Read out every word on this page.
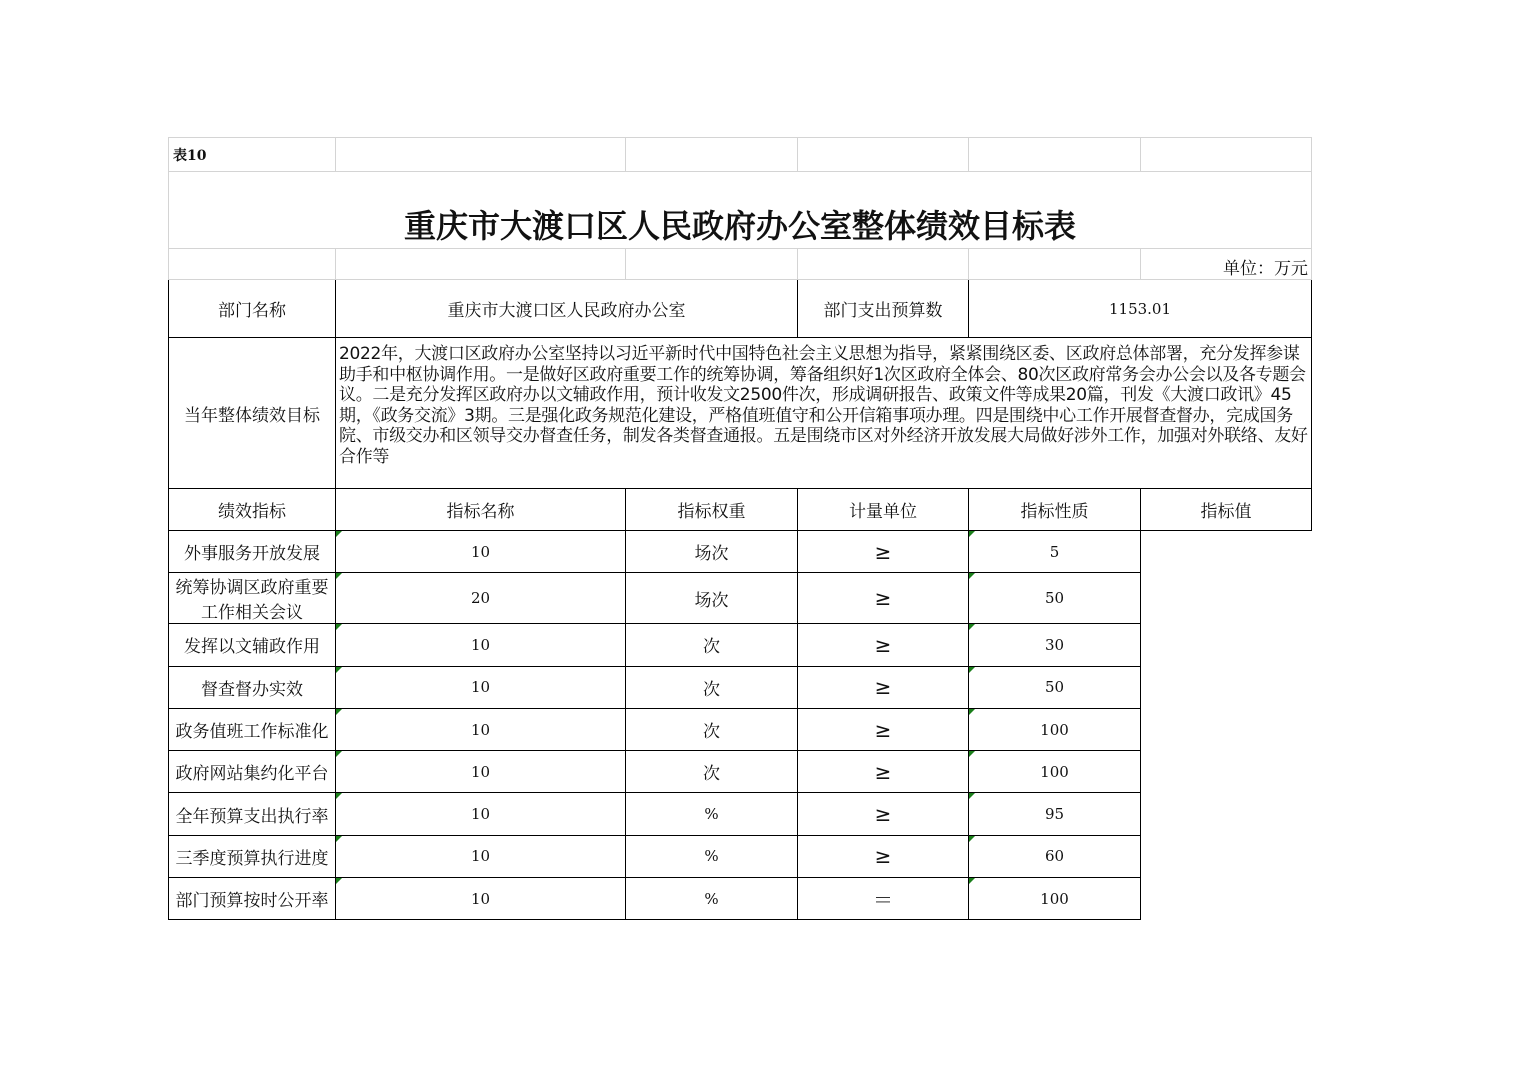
表10					
重庆市大渡口区人民政府办公室整体绩效目标表					
					单位：万元
部门名称	重庆市大渡口区人民政府办公室		部门支出预算数	1153.01	
当年整体绩效目标	2022年，大渡口区政府办公室坚持以习近平新时代中国特色社会主义思想为指导，紧紧围绕区委、区政府总体部署，充分发挥参谋助手和中枢协调作用。一是做好区政府重要工作的统筹协调，筹备组织好1次区政府全体会、80次区政府常务会办公会以及各专题会议。二是充分发挥区政府办以文辅政作用，预计收发文2500件次，形成调研报告、政策文件等成果20篇，刊发《大渡口政讯》45期，《政务交流》3期。三是强化政务规范化建设，严格值班值守和公开信箱事项办理。四是围绕中心工作开展督查督办，完成国务院、市级交办和区领导交办督查任务，制发各类督查通报。五是围绕市区对外经济开放发展大局做好涉外工作，加强对外联络、友好合作等				
绩效指标	指标名称	指标权重	计量单位	指标性质	指标值
外事服务开放发展	10	场次	≥	5	
统筹协调区政府重要工作相关会议	20	场次	≥	50	
发挥以文辅政作用	10	次	≥	30	
督查督办实效	10	次	≥	50	
政务值班工作标准化	10	次	≥	100	
政府网站集约化平台	10	次	≥	100	
全年预算支出执行率	10	%	≥	95	
三季度预算执行进度	10	%	≥	60	
部门预算按时公开率	10	%	＝	100	
